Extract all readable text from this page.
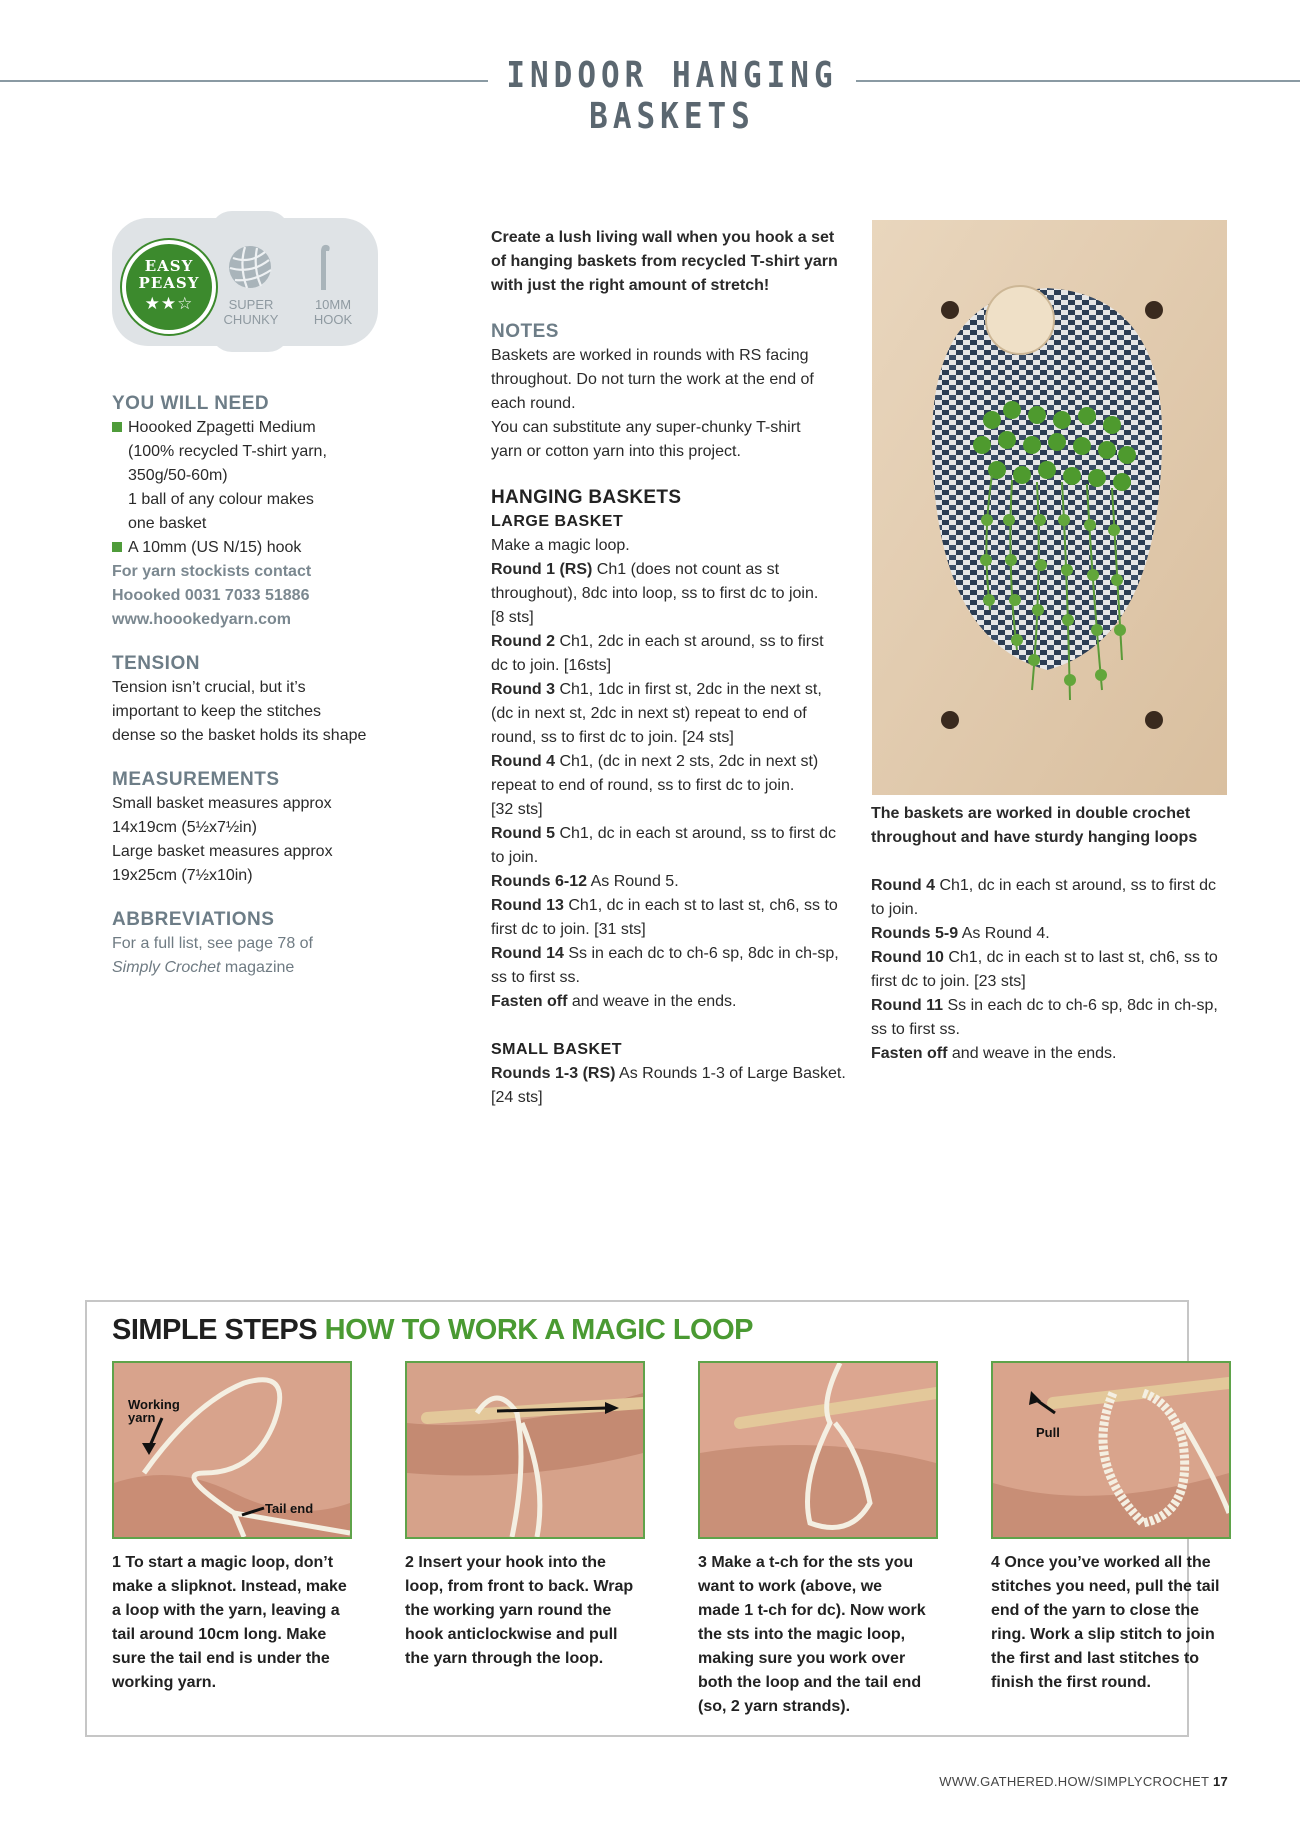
INDOOR HANGING BASKETS
EASY
PEASY
★★☆	SUPER
CHUNKY
10MM
HOOK
YOU WILL NEED
Hoooked Zpagetti Medium
(100% recycled T-shirt yarn,
350g/50-60m)
1 ball of any colour makes
one basket
A 10mm (US N/15) hook
For yarn stockists contact
Hoooked 0031 7033 51886
www.hoookedyarn.com
TENSION
Tension isn’t crucial, but it’s
important to keep the stitches
dense so the basket holds its shape
MEASUREMENTS
Small basket measures approx
14x19cm (5½x7½in)
Large basket measures approx
19x25cm (7½x10in)
ABBREVIATIONS
For a full list, see page 78 of
Simply Crochet magazine
Create a lush living wall when you hook a set
of hanging baskets from recycled T-shirt yarn
with just the right amount of stretch!
NOTES
Baskets are worked in rounds with RS facing
throughout. Do not turn the work at the end of
each round.
You can substitute any super-chunky T-shirt
yarn or cotton yarn into this project.
HANGING BASKETS
LARGE BASKET
Make a magic loop.
Round 1 (RS) Ch1 (does not count as st
throughout), 8dc into loop, ss to first dc to join.
[8 sts]
Round 2 Ch1, 2dc in each st around, ss to first
dc to join. [16sts]
Round 3 Ch1, 1dc in first st, 2dc in the next st,
(dc in next st, 2dc in next st) repeat to end of
round, ss to first dc to join. [24 sts]
Round 4 Ch1, (dc in next 2 sts, 2dc in next st)
repeat to end of round, ss to first dc to join.
[32 sts]
Round 5 Ch1, dc in each st around, ss to first dc
to join.
Rounds 6-12 As Round 5.
Round 13 Ch1, dc in each st to last st, ch6, ss to
first dc to join. [31 sts]
Round 14 Ss in each dc to ch-6 sp, 8dc in ch-sp,
ss to first ss.
Fasten off and weave in the ends.
SMALL BASKET
Rounds 1-3 (RS) As Rounds 1-3 of Large Basket.
[24 sts]
The baskets are worked in double crochet
throughout and have sturdy hanging loops
Round 4 Ch1, dc in each st around, ss to first dc
to join.
Rounds 5-9 As Round 4.
Round 10 Ch1, dc in each st to last st, ch6, ss to
first dc to join. [23 sts]
Round 11 Ss in each dc to ch-6 sp, 8dc in ch-sp,
ss to first ss.
Fasten off and weave in the ends.
SIMPLE STEPS HOW TO WORK A MAGIC LOOP
Working
yarn
Tail end
Pull
1 To start a magic loop, don’t
make a slipknot. Instead, make
a loop with the yarn, leaving a
tail around 10cm long. Make
sure the tail end is under the
working yarn.
2 Insert your hook into the
loop, from front to back. Wrap
the working yarn round the
hook anticlockwise and pull
the yarn through the loop.
3 Make a t-ch for the sts you
want to work (above, we
made 1 t-ch for dc). Now work
the sts into the magic loop,
making sure you work over
both the loop and the tail end
(so, 2 yarn strands).
4 Once you’ve worked all the
stitches you need, pull the tail
end of the yarn to close the
ring. Work a slip stitch to join
the first and last stitches to
finish the first round.
WWW.GATHERED.HOW/SIMPLYCROCHET 17
